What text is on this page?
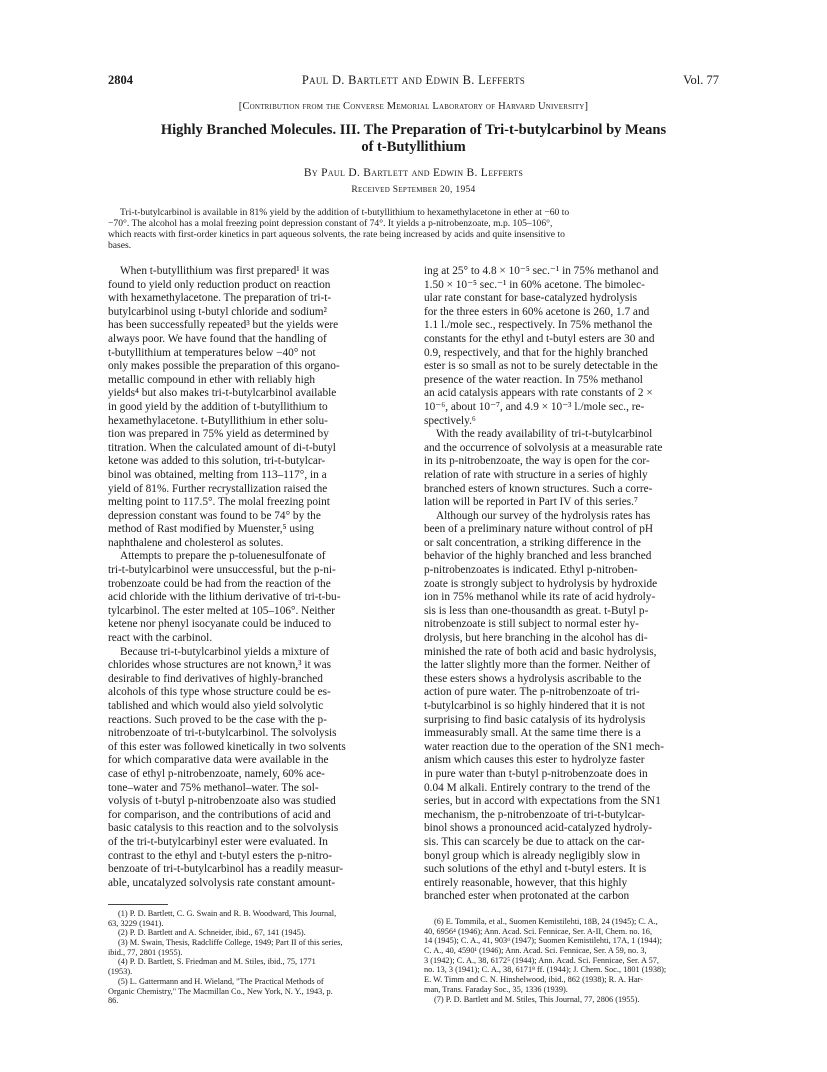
2804	Paul D. Bartlett and Edwin B. Lefferts	Vol. 77
[Contribution from the Converse Memorial Laboratory of Harvard University]
Highly Branched Molecules. III. The Preparation of Tri-t-butylcarbinol by Means
of t-Butyllithium
By Paul D. Bartlett and Edwin B. Lefferts
Received September 20, 1954
Tri-t-butylcarbinol is available in 81% yield by the addition of t-butyllithium to hexamethylacetone in ether at −60 to
−70°. The alcohol has a molal freezing point depression constant of 74°. It yields a p-nitrobenzoate, m.p. 105–106°,
which reacts with first-order kinetics in part aqueous solvents, the rate being increased by acids and quite insensitive to
bases.
When t-butyllithium was first prepared¹ it was
found to yield only reduction product on reaction
with hexamethylacetone. The preparation of tri-t-
butylcarbinol using t-butyl chloride and sodium²
has been successfully repeated³ but the yields were
always poor. We have found that the handling of
t-butyllithium at temperatures below −40° not
only makes possible the preparation of this organo-
metallic compound in ether with reliably high
yields⁴ but also makes tri-t-butylcarbinol available
in good yield by the addition of t-butyllithium to
hexamethylacetone. t-Butyllithium in ether solu-
tion was prepared in 75% yield as determined by
titration. When the calculated amount of di-t-butyl
ketone was added to this solution, tri-t-butylcar-
binol was obtained, melting from 113–117°, in a
yield of 81%. Further recrystallization raised the
melting point to 117.5°. The molal freezing point
depression constant was found to be 74° by the
method of Rast modified by Muenster,⁵ using
naphthalene and cholesterol as solutes.
Attempts to prepare the p-toluenesulfonate of
tri-t-butylcarbinol were unsuccessful, but the p-ni-
trobenzoate could be had from the reaction of the
acid chloride with the lithium derivative of tri-t-bu-
tylcarbinol. The ester melted at 105–106°. Neither
ketene nor phenyl isocyanate could be induced to
react with the carbinol.
Because tri-t-butylcarbinol yields a mixture of
chlorides whose structures are not known,³ it was
desirable to find derivatives of highly-branched
alcohols of this type whose structure could be es-
tablished and which would also yield solvolytic
reactions. Such proved to be the case with the p-
nitrobenzoate of tri-t-butylcarbinol. The solvolysis
of this ester was followed kinetically in two solvents
for which comparative data were available in the
case of ethyl p-nitrobenzoate, namely, 60% ace-
tone–water and 75% methanol–water. The sol-
volysis of t-butyl p-nitrobenzoate also was studied
for comparison, and the contributions of acid and
basic catalysis to this reaction and to the solvolysis
of the tri-t-butylcarbinyl ester were evaluated. In
contrast to the ethyl and t-butyl esters the p-nitro-
benzoate of tri-t-butylcarbinol has a readily measur-
able, uncatalyzed solvolysis rate constant amount-
ing at 25° to 4.8 × 10⁻⁵ sec.⁻¹ in 75% methanol and
1.50 × 10⁻⁵ sec.⁻¹ in 60% acetone. The bimolec-
ular rate constant for base-catalyzed hydrolysis
for the three esters in 60% acetone is 260, 1.7 and
1.1 l./mole sec., respectively. In 75% methanol the
constants for the ethyl and t-butyl esters are 30 and
0.9, respectively, and that for the highly branched
ester is so small as not to be surely detectable in the
presence of the water reaction. In 75% methanol
an acid catalysis appears with rate constants of 2 ×
10⁻⁶, about 10⁻⁷, and 4.9 × 10⁻³ l./mole sec., re-
spectively.⁶
With the ready availability of tri-t-butylcarbinol
and the occurrence of solvolysis at a measurable rate
in its p-nitrobenzoate, the way is open for the cor-
relation of rate with structure in a series of highly
branched esters of known structures. Such a corre-
lation will be reported in Part IV of this series.⁷
Although our survey of the hydrolysis rates has
been of a preliminary nature without control of pH
or salt concentration, a striking difference in the
behavior of the highly branched and less branched
p-nitrobenzoates is indicated. Ethyl p-nitroben-
zoate is strongly subject to hydrolysis by hydroxide
ion in 75% methanol while its rate of acid hydroly-
sis is less than one-thousandth as great. t-Butyl p-
nitrobenzoate is still subject to normal ester hy-
drolysis, but here branching in the alcohol has di-
minished the rate of both acid and basic hydrolysis,
the latter slightly more than the former. Neither of
these esters shows a hydrolysis ascribable to the
action of pure water. The p-nitrobenzoate of tri-
t-butylcarbinol is so highly hindered that it is not
surprising to find basic catalysis of its hydrolysis
immeasurably small. At the same time there is a
water reaction due to the operation of the SN1 mech-
anism which causes this ester to hydrolyze faster
in pure water than t-butyl p-nitrobenzoate does in
0.04 M alkali. Entirely contrary to the trend of the
series, but in accord with expectations from the SN1
mechanism, the p-nitrobenzoate of tri-t-butylcar-
binol shows a pronounced acid-catalyzed hydroly-
sis. This can scarcely be due to attack on the car-
bonyl group which is already negligibly slow in
such solutions of the ethyl and t-butyl esters. It is
entirely reasonable, however, that this highly
branched ester when protonated at the carbon
(1) P. D. Bartlett, C. G. Swain and R. B. Woodward, This Journal,
63, 3229 (1941).
(2) P. D. Bartlett and A. Schneider, ibid., 67, 141 (1945).
(3) M. Swain, Thesis, Radcliffe College, 1949; Part II of this series,
ibid., 77, 2801 (1955).
(4) P. D. Bartlett, S. Friedman and M. Stiles, ibid., 75, 1771
(1953).
(5) L. Gattermann and H. Wieland, "The Practical Methods of
Organic Chemistry," The Macmillan Co., New York, N. Y., 1943, p.
86.
(6) E. Tommila, et al., Suomen Kemistilehti, 18B, 24 (1945); C. A.,
40, 6956⁴ (1946); Ann. Acad. Sci. Fennicae, Ser. A-II, Chem. no. 16,
14 (1945); C. A., 41, 903ᵈ (1947); Suomen Kemistilehti, 17A, 1 (1944);
C. A., 40, 4590¹ (1946); Ann. Acad. Sci. Fennicae, Ser. A 59, no. 3,
3 (1942); C. A., 38, 6172⁵ (1944); Ann. Acad. Sci. Fennicae, Ser. A 57,
no. 13, 3 (1941); C. A., 38, 6171⁸ ff. (1944); J. Chem. Soc., 1801 (1938);
E. W. Timm and C. N. Hinshelwood, ibid., 862 (1938); R. A. Har-
man, Trans. Faraday Soc., 35, 1336 (1939).
(7) P. D. Bartlett and M. Stiles, This Journal, 77, 2806 (1955).
